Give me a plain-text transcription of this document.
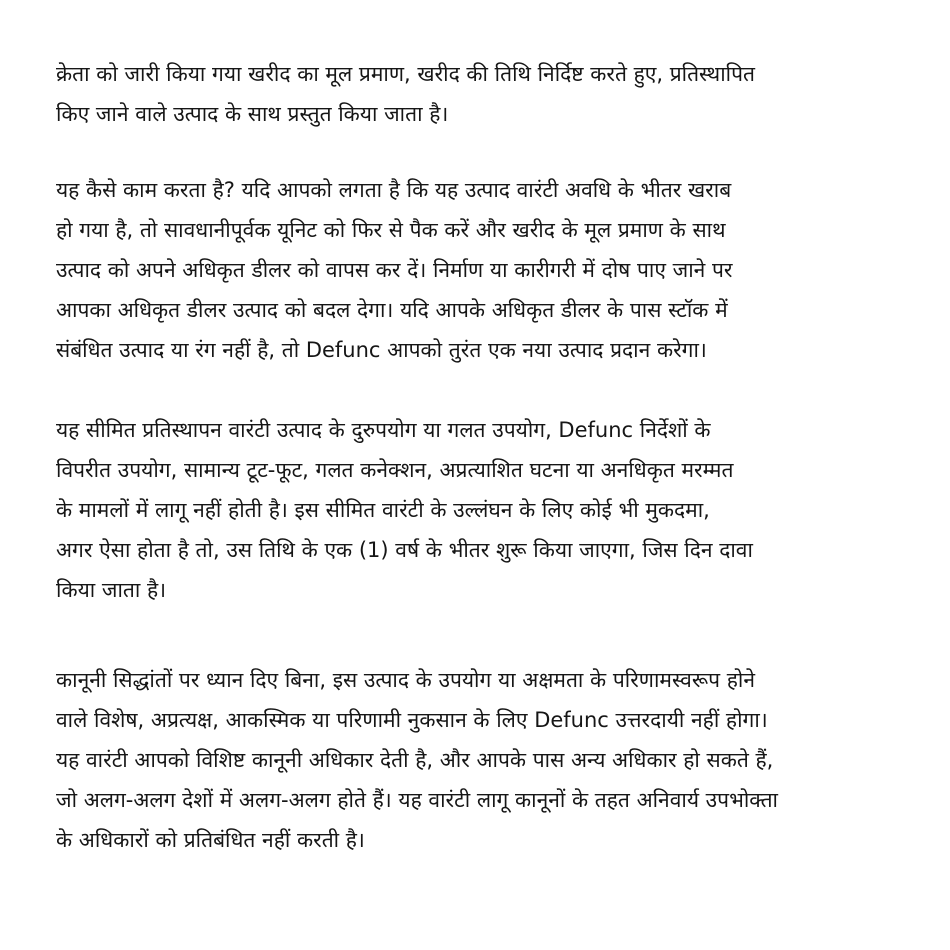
क्रेता को जारी किया गया खरीद का मूल प्रमाण, खरीद की तिथि निर्दिष्ट करते हुए, प्रतिस्थापित
किए जाने वाले उत्पाद के साथ प्रस्तुत किया जाता है।
यह कैसे काम करता है? यदि आपको लगता है कि यह उत्पाद वारंटी अवधि के भीतर खराब
हो गया है, तो सावधानीपूर्वक यूनिट को फिर से पैक करें और खरीद के मूल प्रमाण के साथ
उत्पाद को अपने अधिकृत डीलर को वापस कर दें। निर्माण या कारीगरी में दोष पाए जाने पर
आपका अधिकृत डीलर उत्पाद को बदल देगा। यदि आपके अधिकृत डीलर के पास स्टॉक में
संबंधित उत्पाद या रंग नहीं है, तो Defunc आपको तुरंत एक नया उत्पाद प्रदान करेगा।
यह सीमित प्रतिस्थापन वारंटी उत्पाद के दुरुपयोग या गलत उपयोग, Defunc निर्देशों के
विपरीत उपयोग, सामान्य टूट-फूट, गलत कनेक्शन, अप्रत्याशित घटना या अनधिकृत मरम्मत
के मामलों में लागू नहीं होती है। इस सीमित वारंटी के उल्लंघन के लिए कोई भी मुकदमा,
अगर ऐसा होता है तो, उस तिथि के एक (1) वर्ष के भीतर शुरू किया जाएगा, जिस दिन दावा
किया जाता है।
कानूनी सिद्धांतों पर ध्यान दिए बिना, इस उत्पाद के उपयोग या अक्षमता के परिणामस्वरूप होने
वाले विशेष, अप्रत्यक्ष, आकस्मिक या परिणामी नुकसान के लिए Defunc उत्तरदायी नहीं होगा।
यह वारंटी आपको विशिष्ट कानूनी अधिकार देती है, और आपके पास अन्य अधिकार हो सकते हैं,
जो अलग-अलग देशों में अलग-अलग होते हैं। यह वारंटी लागू कानूनों के तहत अनिवार्य उपभोक्ता
के अधिकारों को प्रतिबंधित नहीं करती है।
